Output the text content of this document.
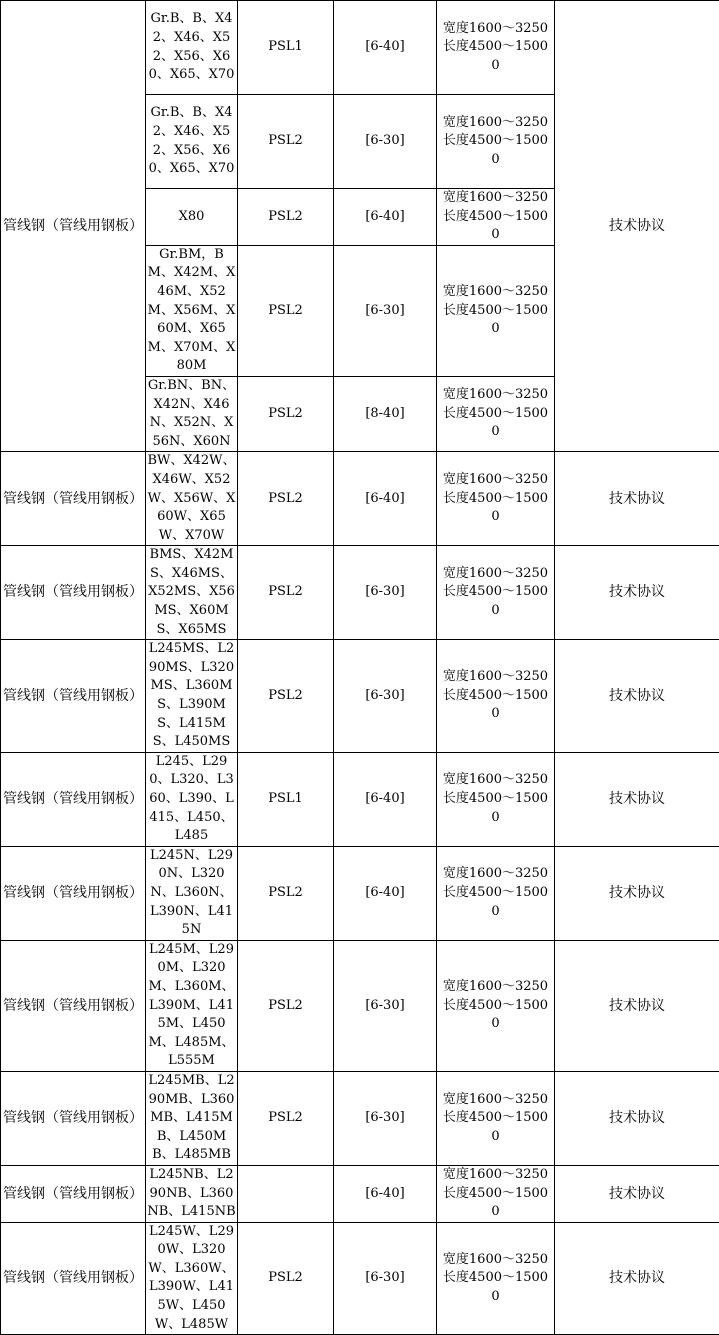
管线钢（管线用钢板）	Gr.B、B、X42、X46、X52、X56、X60、X65、X70	PSL1	[6-40]	宽度1600～3250长度4500～15000	技术协议
	Gr.B、B、X42、X46、X52、X56、X60、X65、X70	PSL2	[6-30]	宽度1600～3250长度4500～15000	
	X80	PSL2	[6-40]	宽度1600～3250长度4500～15000	
	Gr.BM，BM、X42M、X46M、X52M、X56M、X60M、X65M、X70M、X80M	PSL2	[6-30]	宽度1600～3250长度4500～15000	
	Gr.BN、BN、X42N、X46N、X52N、X56N、X60N	PSL2	[8-40]	宽度1600～3250长度4500～15000	
管线钢（管线用钢板）	BW、X42W、X46W、X52W、X56W、X60W、X65W、X70W	PSL2	[6-40]	宽度1600～3250长度4500～15000	技术协议
管线钢（管线用钢板）	BMS、X42MS、X46MS、X52MS、X56MS、X60MS、X65MS	PSL2	[6-30]	宽度1600～3250长度4500～15000	技术协议
管线钢（管线用钢板）	L245MS、L290MS、L320MS、L360MS、L390MS、L415MS、L450MS	PSL2	[6-30]	宽度1600～3250长度4500～15000	技术协议
管线钢（管线用钢板）	L245、L290、L320、L360、L390、L415、L450、L485	PSL1	[6-40]	宽度1600～3250长度4500～15000	技术协议
管线钢（管线用钢板）	L245N、L290N、L320N、L360N、L390N、L415N	PSL2	[6-40]	宽度1600～3250长度4500～15000	技术协议
管线钢（管线用钢板）	L245M、L290M、L320M、L360M、L390M、L415M、L450M、L485M、L555M	PSL2	[6-30]	宽度1600～3250长度4500～15000	技术协议
管线钢（管线用钢板）	L245MB、L290MB、L360MB、L415MB、L450MB、L485MB	PSL2	[6-30]	宽度1600～3250长度4500～15000	技术协议
管线钢（管线用钢板）	L245NB、L290NB、L360NB、L415NB		[6-40]	宽度1600～3250长度4500～15000	技术协议
管线钢（管线用钢板）	L245W、L290W、L320W、L360W、L390W、L415W、L450W、L485W	PSL2	[6-30]	宽度1600～3250长度4500～15000	技术协议
